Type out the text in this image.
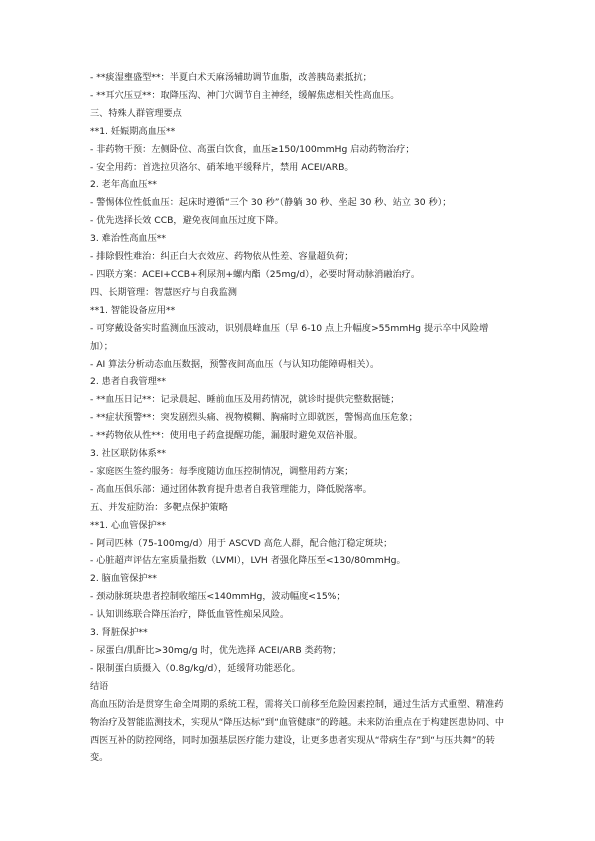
- **痰湿壅盛型**：半夏白术天麻汤辅助调节血脂，改善胰岛素抵抗；
- **耳穴压豆**：取降压沟、神门穴调节自主神经，缓解焦虑相关性高血压。
三、特殊人群管理要点
**1. 妊娠期高血压**
- 非药物干预：左侧卧位、高蛋白饮食，血压≥150/100mmHg 启动药物治疗；
- 安全用药：首选拉贝洛尔、硝苯地平缓释片，禁用 ACEI/ARB。
2. 老年高血压**
- 警惕体位性低血压：起床时遵循“三个 30 秒”（静躺 30 秒、坐起 30 秒、站立 30 秒）；
- 优先选择长效 CCB，避免夜间血压过度下降。
3. 难治性高血压**
- 排除假性难治：纠正白大衣效应、药物依从性差、容量超负荷；
- 四联方案：ACEI+CCB+利尿剂+螺内酯（25mg/d），必要时肾动脉消融治疗。
四、长期管理：智慧医疗与自我监测
**1. 智能设备应用**
- 可穿戴设备实时监测血压波动，识别晨峰血压（早 6-10 点上升幅度>55mmHg 提示卒中风险增加）；
- AI 算法分析动态血压数据，预警夜间高血压（与认知功能障碍相关）。
2. 患者自我管理**
- **血压日记**：记录晨起、睡前血压及用药情况，就诊时提供完整数据链；
- **症状预警**：突发剧烈头痛、视物模糊、胸痛时立即就医，警惕高血压危象；
- **药物依从性**：使用电子药盒提醒功能，漏服时避免双倍补服。
3. 社区联防体系**
- 家庭医生签约服务：每季度随访血压控制情况，调整用药方案；
- 高血压俱乐部：通过团体教育提升患者自我管理能力，降低脱落率。
五、并发症防治：多靶点保护策略
**1. 心血管保护**
- 阿司匹林（75-100mg/d）用于 ASCVD 高危人群，配合他汀稳定斑块；
- 心脏超声评估左室质量指数（LVMI），LVH 者强化降压至<130/80mmHg。
2. 脑血管保护**
- 颈动脉斑块患者控制收缩压<140mmHg，波动幅度<15%；
- 认知训练联合降压治疗，降低血管性痴呆风险。
3. 肾脏保护**
- 尿蛋白/肌酐比>30mg/g 时，优先选择 ACEI/ARB 类药物；
- 限制蛋白质摄入（0.8g/kg/d），延缓肾功能恶化。
结语
高血压防治是贯穿生命全周期的系统工程，需将关口前移至危险因素控制，通过生活方式重塑、精准药物治疗及智能监测技术，实现从“降压达标”到“血管健康”的跨越。未来防治重点在于构建医患协同、中西医互补的防控网络，同时加强基层医疗能力建设，让更多患者实现从“带病生存”到“与压共舞”的转变。
